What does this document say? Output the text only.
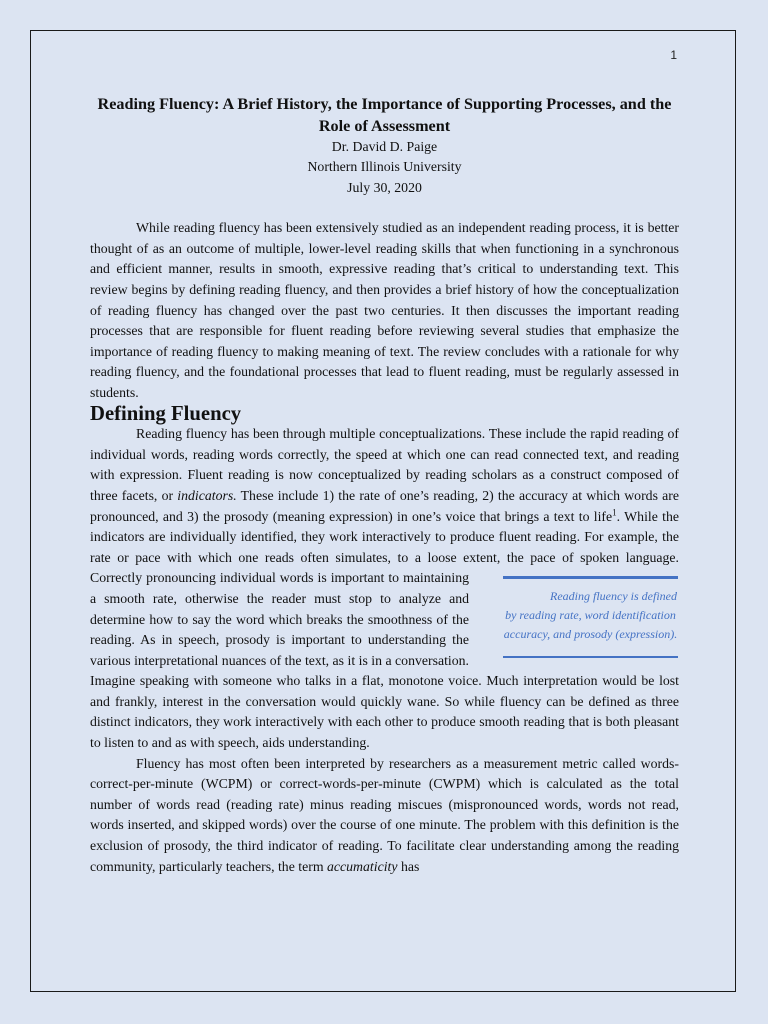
1
Reading Fluency: A Brief History, the Importance of Supporting Processes, and the Role of Assessment

Dr. David D. Paige

Northern Illinois University

July 30, 2020

While reading fluency has been extensively studied as an independent reading process, it is better thought of as an outcome of multiple, lower-level reading skills that when functioning in a synchronous and efficient manner, results in smooth, expressive reading that’s critical to understanding text. This review begins by defining reading fluency, and then provides a brief history of how the conceptualization of reading fluency has changed over the past two centuries. It then discusses the important reading processes that are responsible for fluent reading before reviewing several studies that emphasize the importance of reading fluency to making meaning of text. The review concludes with a rationale for why reading fluency, and the foundational processes that lead to fluent reading, must be regularly assessed in students.

Defining Fluency

Reading fluency has been through multiple conceptualizations. These include the rapid reading of individual words, reading words correctly, the speed at which one can read connected text, and reading with expression. Fluent reading is now conceptualized by reading scholars as a construct composed of three facets, or indicators. These include 1) the rate of one’s reading, 2) the accuracy at which words are pronounced, and 3) the prosody (meaning expression) in one’s voice that brings a text to life$^1$. While the indicators are individually identified, they work interactively to produce fluent reading. For example, the rate or pace with which one reads often simulates, to a loose extent, the pace of spoken language.
Reading fluency is defined by reading rate, word identification accuracy, and prosody (expression).
Correctly pronouncing individual words is important to maintaining a smooth rate, otherwise the reader must stop to analyze and determine how to say the word which breaks the smoothness of the reading. As in speech, prosody is important to understanding the various interpretational nuances of the text, as it is in a conversation. Imagine speaking with someone who talks in a flat, monotone voice. Much interpretation would be lost and frankly, interest in the conversation would quickly wane. So while fluency can be defined as three distinct indicators, they work interactively with each other to produce smooth reading that is both pleasant to listen to and as with speech, aids understanding.

Fluency has most often been interpreted by researchers as a measurement metric called words-correct-per-minute (WCPM) or correct-words-per-minute (CWPM) which is calculated as the total number of words read (reading rate) minus reading miscues (mispronounced words, words not read, words inserted, and skipped words) over the course of one minute. The problem with this definition is the exclusion of prosody, the third indicator of reading. To facilitate clear understanding among the reading community, particularly teachers, the term accumaticity has
